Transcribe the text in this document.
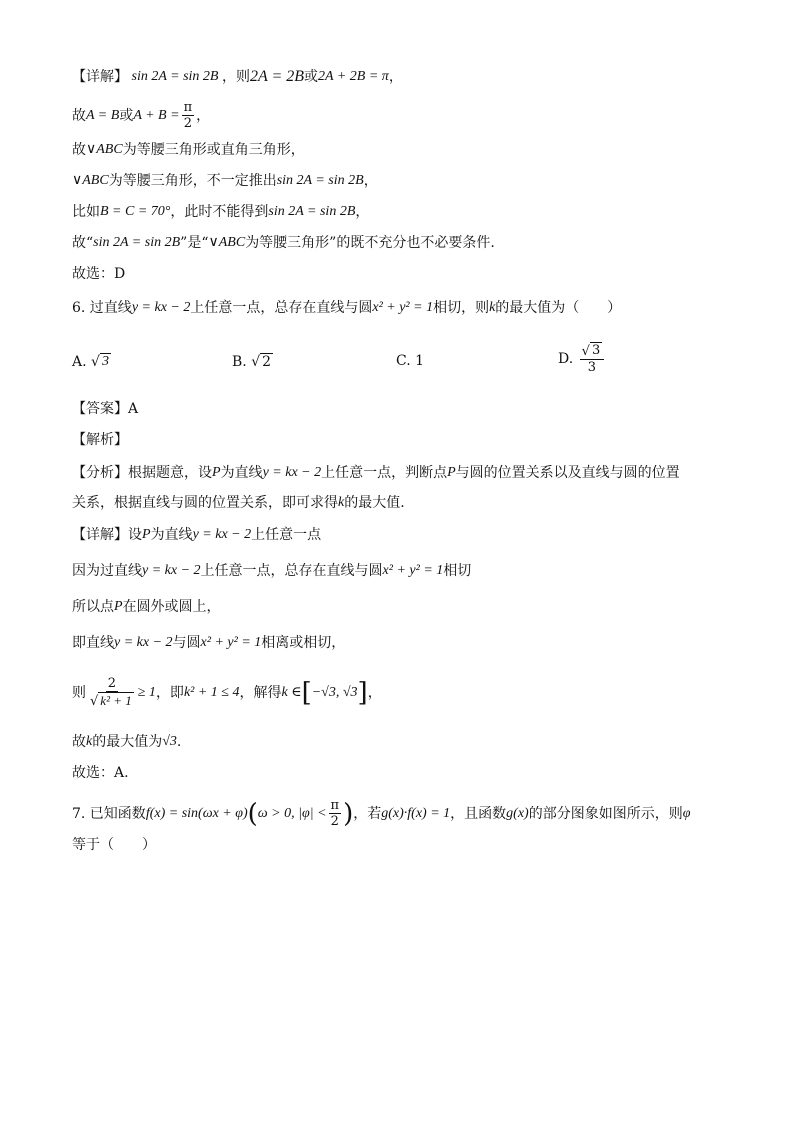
【详解】 sin 2A = sin 2B ，则 2A = 2B 或 2A + 2B = π ，
故 A = B 或 $A + B = \frac{\pi}{2}$ ，
故 ∨ABC 为等腰三角形或直角三角形，
∨ABC 为等腰三角形，不一定推出 sin 2A = sin 2B ，
比如 B = C = 70° ，此时不能得到 sin 2A = sin 2B ，
故“ sin 2A = sin 2B ”是“ ∨ABC 为等腰三角形”的既不充分也不必要条件.
故选：D
6. 过直线 y = kx − 2 上任意一点，总存在直线与圆 x² + y² = 1 相切，则 k 的最大值为（　　）
A. √ 3	B. √ 2	C. 1	D. $\frac{√ 3}{3}$
【答案】A
【解析】
【分析】根据题意，设 P 为直线 y = kx − 2 上任意一点，判断点 P 与圆的位置关系以及直线与圆的位置
关系，根据直线与圆的位置关系，即可求得 k 的最大值.
【详解】设 P 为直线 y = kx − 2 上任意一点
因为过直线 y = kx − 2 上任意一点，总存在直线与圆 x² + y² = 1 相切
所以点 P 在圆外或圆上，
即直线 y = kx − 2 与圆 x² + y² = 1 相离或相切，
则 $\frac{2}{\text{√ k² + 1}} \ge 1$ ，即 k² + 1 ≤ 4 ，解得 k ∈ [ −√3, √3 ] ，
故 k 的最大值为 √3 .
故选：A.
7. 已知函数 f(x) = sin(ωx + φ) ( ω > 0, $|\varphi| < \frac{\pi}{2}$ ) ，若 g(x)·f(x) = 1 ，且函数 g(x) 的部分图象如图所示，则 φ
等于（　　）
